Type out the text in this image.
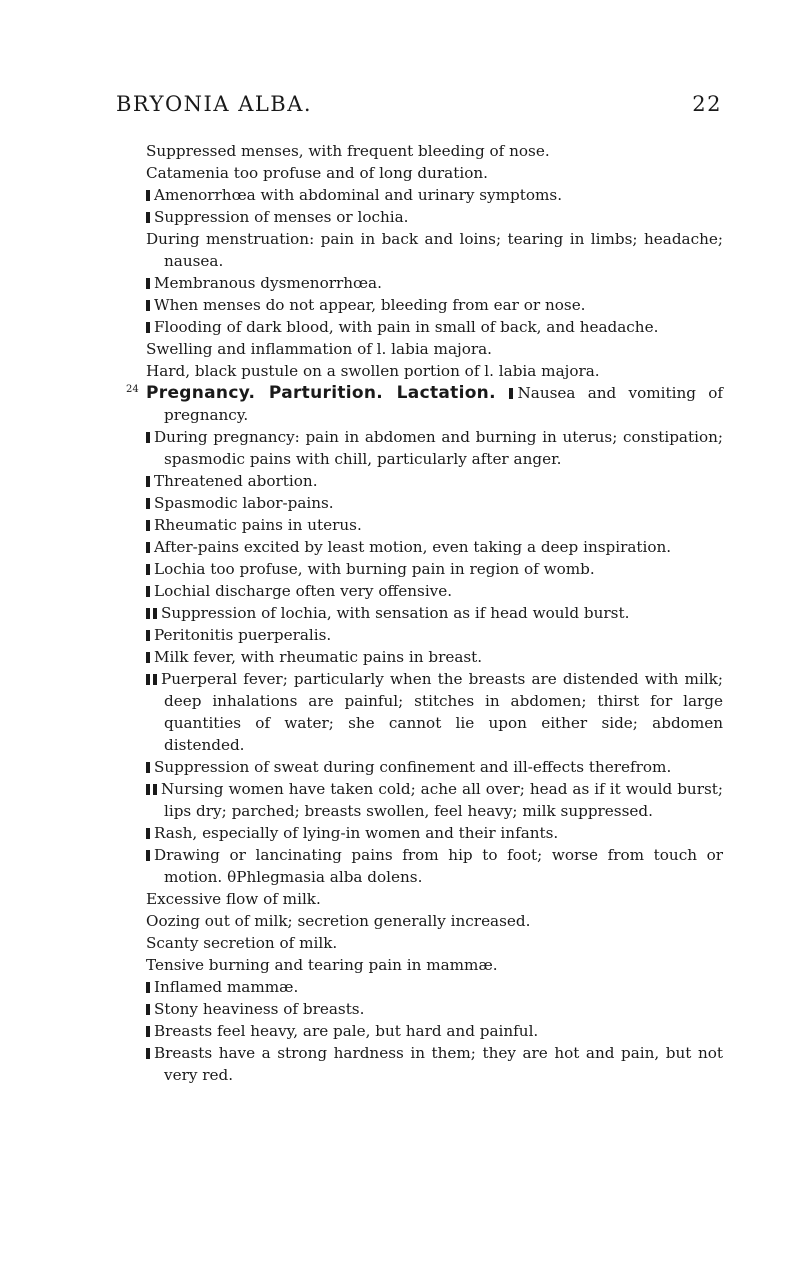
BRYONIA ALBA.	22
Suppressed menses, with frequent bleeding of nose.
Catamenia too profuse and of long duration.
Amenorrhœa with abdominal and urinary symptoms.
Suppression of menses or lochia.
During menstruation: pain in back and loins; tearing in limbs; headache; nausea.
Membranous dysmenorrhœa.
When menses do not appear, bleeding from ear or nose.
Flooding of dark blood, with pain in small of back, and headache.
Swelling and inflammation of l. labia majora.
Hard, black pustule on a swollen portion of l. labia majora.
24 Pregnancy. Parturition. Lactation. Nausea and vomiting of pregnancy.
During pregnancy: pain in abdomen and burning in uterus; constipation; spasmodic pains with chill, particularly after anger.
Threatened abortion.
Spasmodic labor-pains.
Rheumatic pains in uterus.
After-pains excited by least motion, even taking a deep inspiration.
Lochia too profuse, with burning pain in region of womb.
Lochial discharge often very offensive.
Suppression of lochia, with sensation as if head would burst.
Peritonitis puerperalis.
Milk fever, with rheumatic pains in breast.
Puerperal fever; particularly when the breasts are distended with milk; deep inhalations are painful; stitches in abdomen; thirst for large quantities of water; she cannot lie upon either side; abdomen distended.
Suppression of sweat during confinement and ill-effects therefrom.
Nursing women have taken cold; ache all over; head as if it would burst; lips dry; parched; breasts swollen, feel heavy; milk suppressed.
Rash, especially of lying-in women and their infants.
Drawing or lancinating pains from hip to foot; worse from touch or motion. θPhlegmasia alba dolens.
Excessive flow of milk.
Oozing out of milk; secretion generally increased.
Scanty secretion of milk.
Tensive burning and tearing pain in mammæ.
Inflamed mammæ.
Stony heaviness of breasts.
Breasts feel heavy, are pale, but hard and painful.
Breasts have a strong hardness in them; they are hot and pain, but not very red.
